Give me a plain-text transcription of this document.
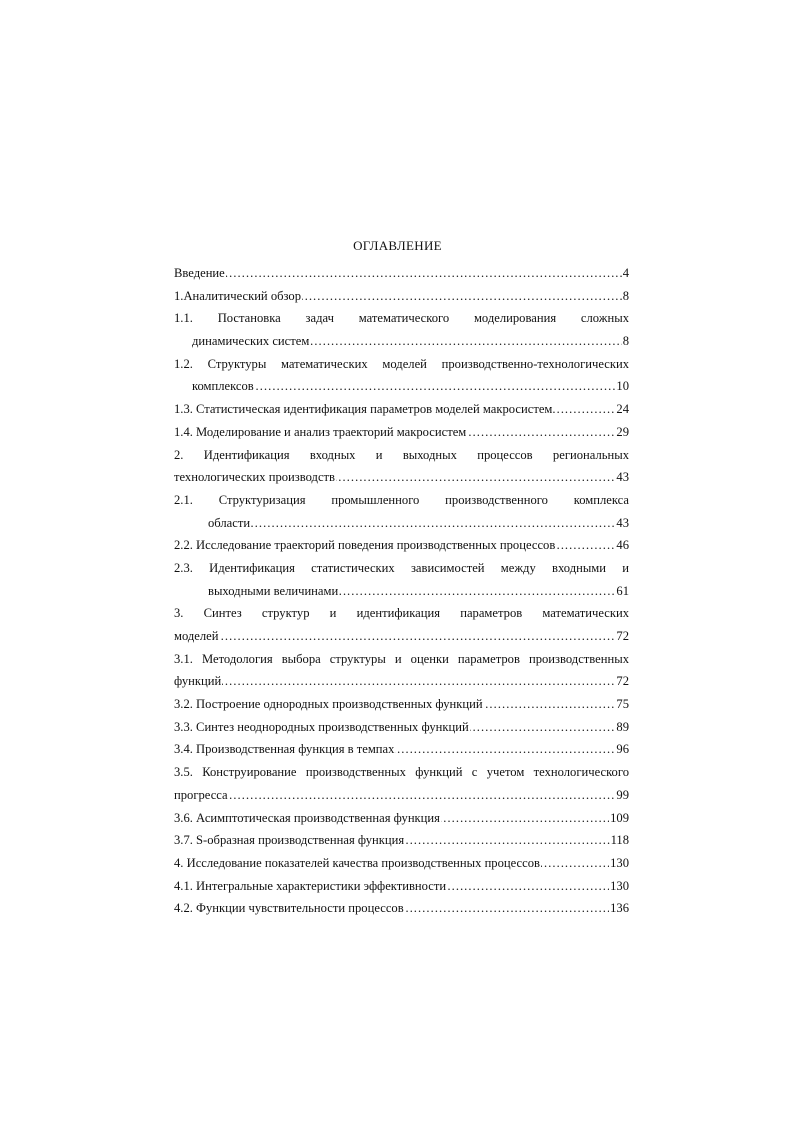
ОГЛАВЛЕНИЕ
Введение	4
………………………………………………………………………………………………………………………………………………………………
1.Аналитический обзор	8
………………………………………………………………………………………………………………………………………………………………
1.1. Постановка задач математического моделирования сложных
динамических систем	8
………………………………………………………………………………………………………………………………………………………………
1.2. Структуры математических моделей производственно-технологических
комплексов	10
………………………………………………………………………………………………………………………………………………………………
1.3. Статистическая идентификация параметров моделей макросистем	24
………………………………………………………………………………………………………………………………………………………………
1.4. Моделирование и анализ траекторий макросистем	29
………………………………………………………………………………………………………………………………………………………………
2. Идентификация входных и выходных процессов региональных
технологических производств	43
………………………………………………………………………………………………………………………………………………………………
2.1. Структуризация промышленного производственного комплекса
области	43
………………………………………………………………………………………………………………………………………………………………
2.2. Исследование траекторий поведения производственных процессов	46
………………………………………………………………………………………………………………………………………………………………
2.3. Идентификация статистических зависимостей между входными и
выходными величинами	61
………………………………………………………………………………………………………………………………………………………………
3. Синтез структур и идентификация параметров математических
моделей	72
………………………………………………………………………………………………………………………………………………………………
3.1. Методология выбора структуры и оценки параметров производственных
функций	72
………………………………………………………………………………………………………………………………………………………………
3.2. Построение однородных производственных функций	75
………………………………………………………………………………………………………………………………………………………………
3.3. Синтез неоднородных производственных функций	89
………………………………………………………………………………………………………………………………………………………………
3.4. Производственная функция в темпах	96
………………………………………………………………………………………………………………………………………………………………
3.5. Конструирование производственных функций с учетом технологического
прогресса	99
………………………………………………………………………………………………………………………………………………………………
3.6. Асимптотическая производственная функция	109
………………………………………………………………………………………………………………………………………………………………
3.7. S-образная производственная функция	118
………………………………………………………………………………………………………………………………………………………………
4. Исследование показателей качества производственных процессов	130
………………………………………………………………………………………………………………………………………………………………
4.1. Интегральные характеристики эффективности	130
………………………………………………………………………………………………………………………………………………………………
4.2. Функции чувствительности процессов	136
………………………………………………………………………………………………………………………………………………………………
